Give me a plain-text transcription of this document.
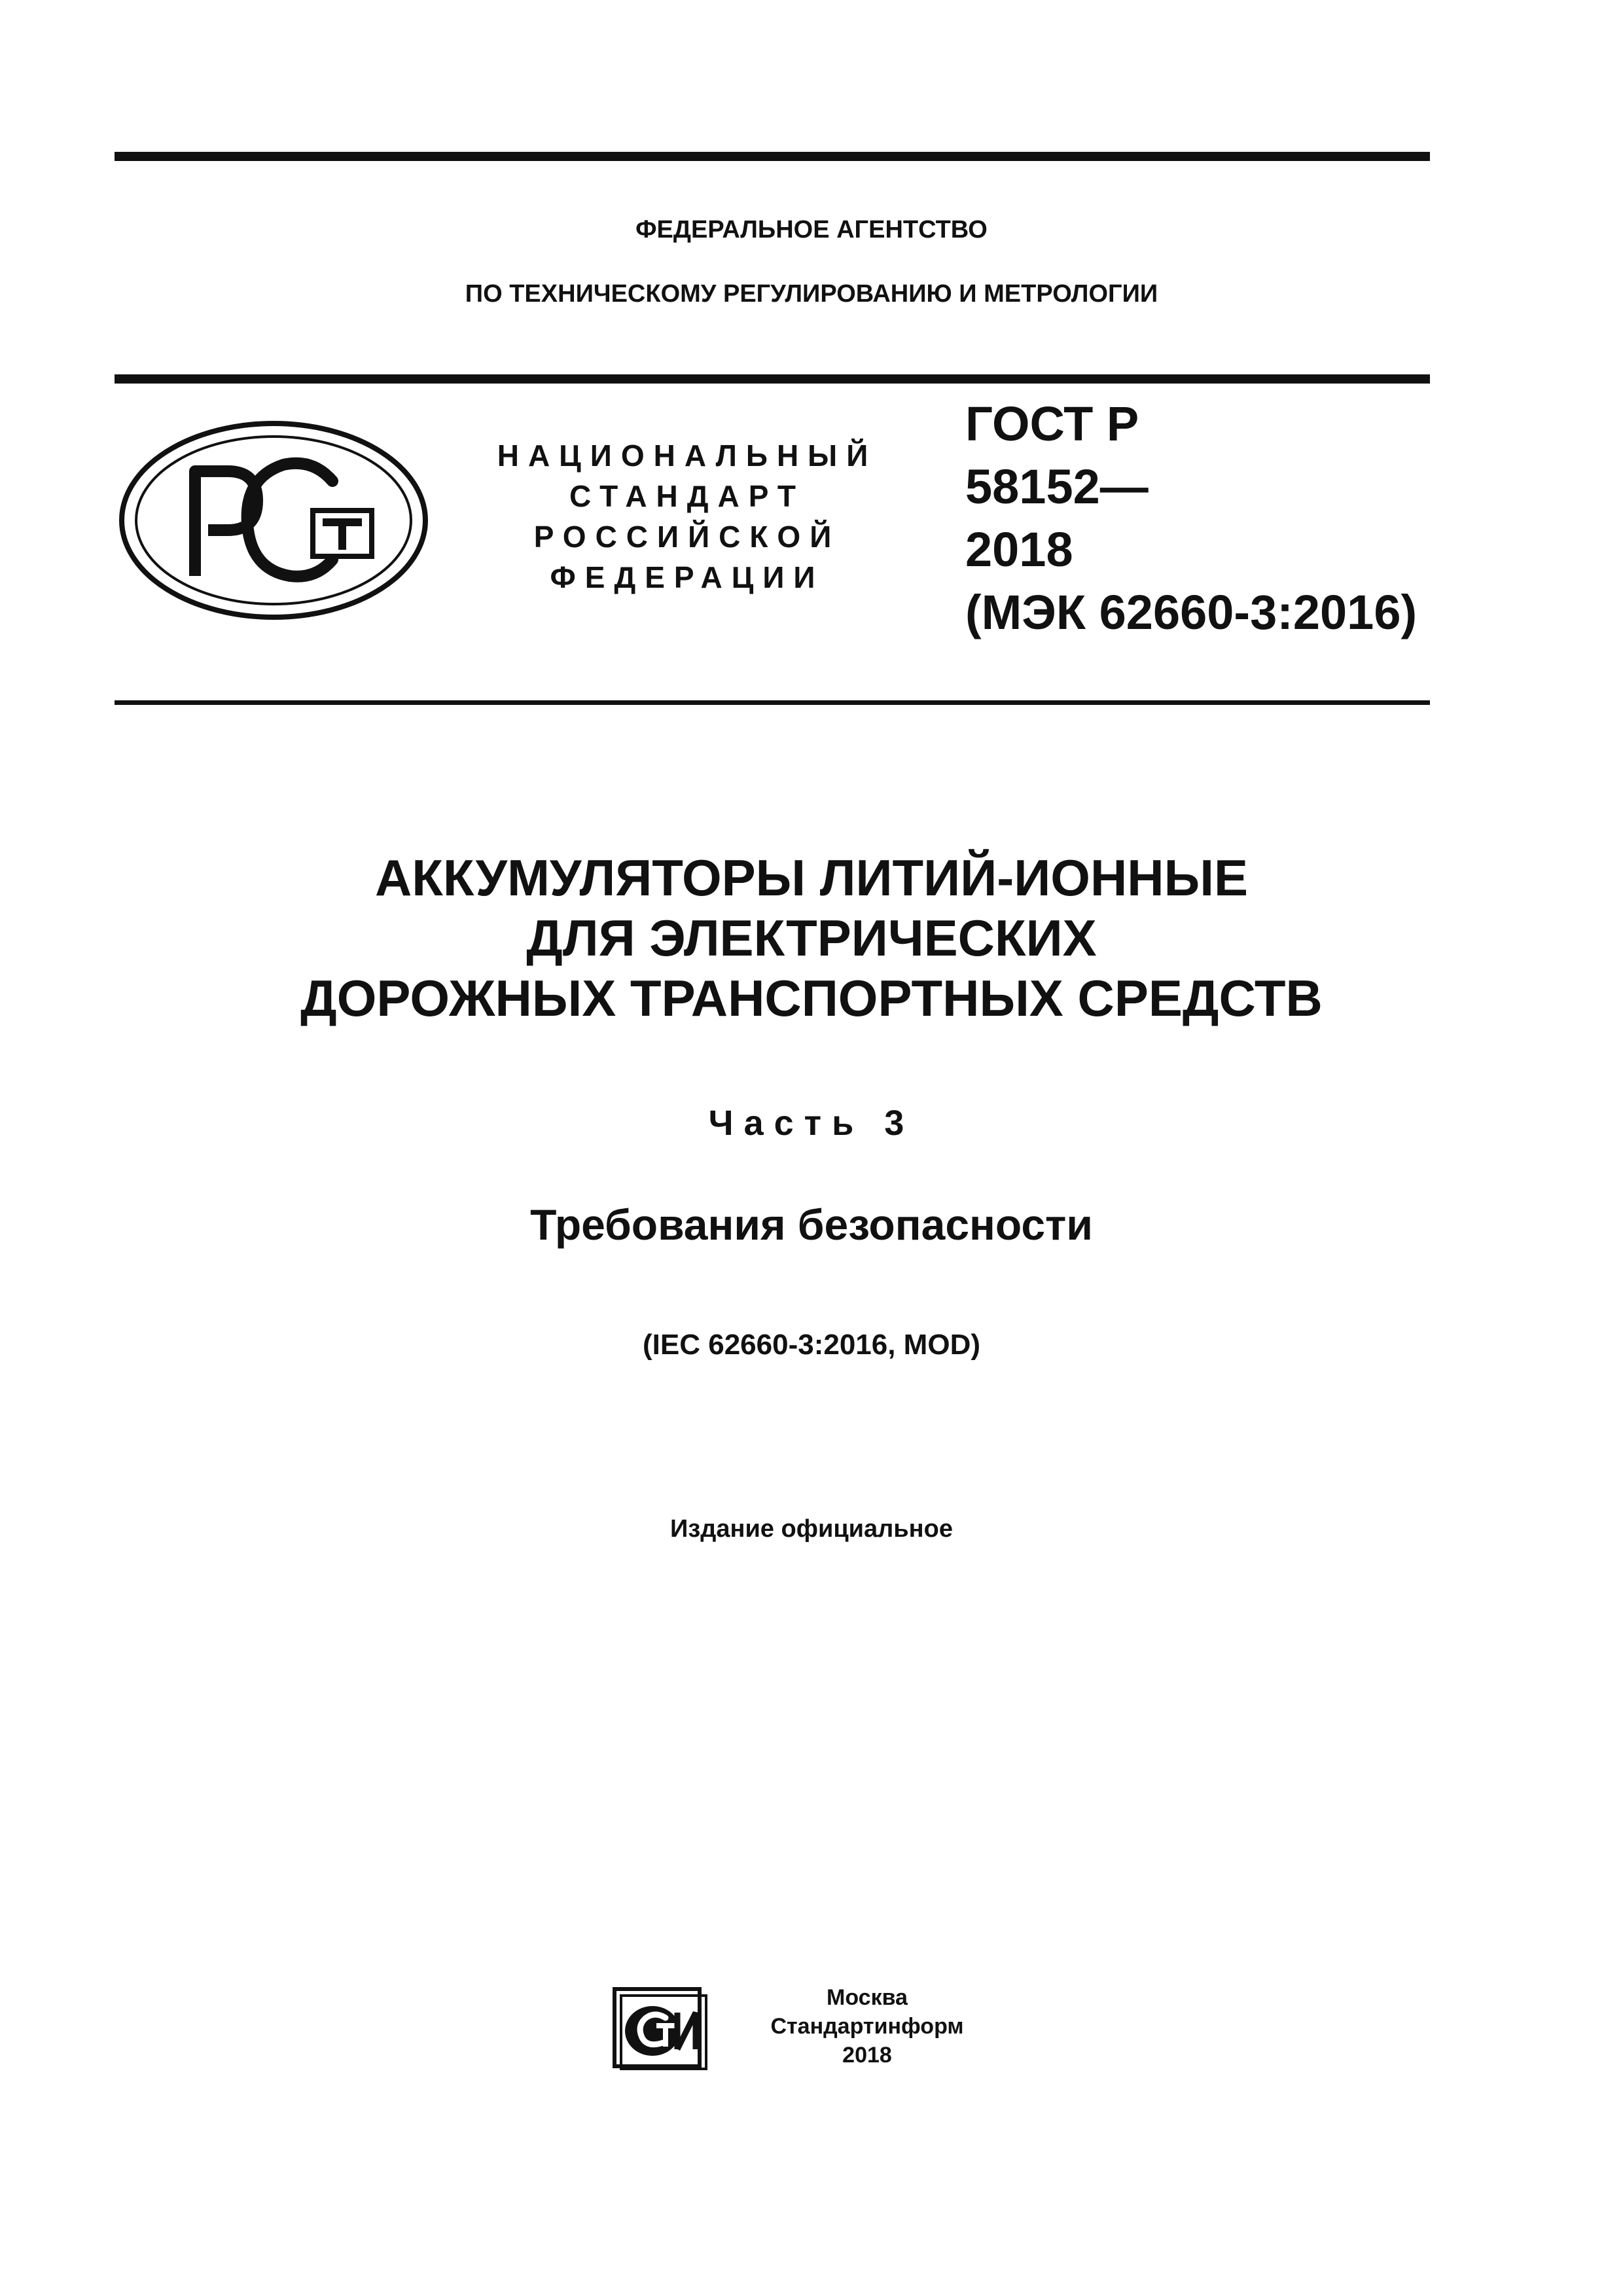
ФЕДЕРАЛЬНОЕ АГЕНТСТВО
ПО ТЕХНИЧЕСКОМУ РЕГУЛИРОВАНИЮ И МЕТРОЛОГИИ
НАЦИОНАЛЬНЫЙ
СТАНДАРТ
РОССИЙСКОЙ
ФЕДЕРАЦИИ
ГОСТ Р
58152—
2018
(МЭК 62660-3:2016)
АККУМУЛЯТОРЫ ЛИТИЙ-ИОННЫЕ
ДЛЯ ЭЛЕКТРИЧЕСКИХ
ДОРОЖНЫХ ТРАНСПОРТНЫХ СРЕДСТВ
Часть 3
Требования безопасности
(IEC 62660-3:2016, MOD)
Издание официальное
Москва
Стандартинформ
2018
